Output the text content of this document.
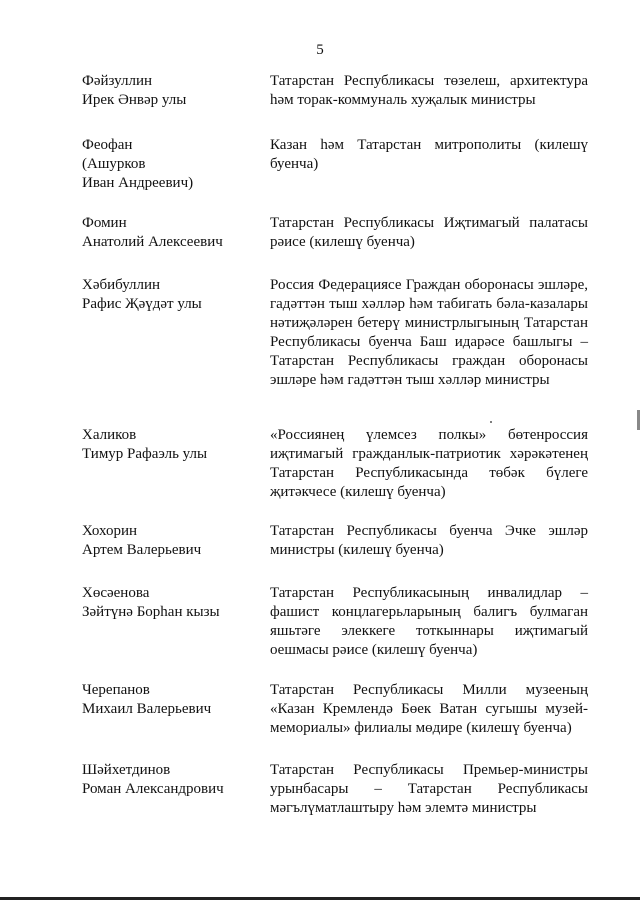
5
Фәйзуллин
Ирек Әнвәр улы
Татарстан Республикасы төзелеш, архитектура һәм торак-коммуналь хуҗалык министры
Феофан
(Ашурков
Иван Андреевич)
Казан һәм Татарстан митрополиты (килешү буенча)
Фомин
Анатолий Алексеевич
Татарстан Республикасы Иҗтимагый палатасы рәисе (килешү буенча)
Хәбибуллин
Рафис Җәүдәт улы
Россия Федерациясе Граждан оборонасы эшләре, гадәттән тыш хәлләр һәм табигать бәла-казалары нәтиҗәләрен бетерү министрлыгының Татарстан Республикасы буенча Баш идарәсе башлыгы – Татарстан Республикасы граждан оборонасы эшләре һәм гадәттән тыш хәлләр министры
Халиков
Тимур Рафаэль улы
«Россиянең үлемсез полкы» бөтенроссия иҗтимагый гражданлык-патриотик хәрәкәтенең Татарстан Республикасында төбәк бүлеге җитәкчесе (килешү буенча)
Хохорин
Артем Валерьевич
Татарстан Республикасы буенча Эчке эшләр министры (килешү буенча)
Хөсәенова
Зәйтүнә Борһан кызы
Татарстан Республикасының инвалидлар – фашист концлагерьларының балигъ булмаган яшьтәге элеккеге тоткыннары иҗтимагый оешмасы рәисе (килешү буенча)
Черепанов
Михаил Валерьевич
Татарстан Республикасы Милли музееның «Казан Кремлендә Бөек Ватан сугышы музей-мемориалы» филиалы мөдире (килешү буенча)
Шәйхетдинов
Роман Александрович
Татарстан Республикасы Премьер-министры урынбасары – Татарстан Республикасы мәгълүматлаштыру һәм элемтә министры
